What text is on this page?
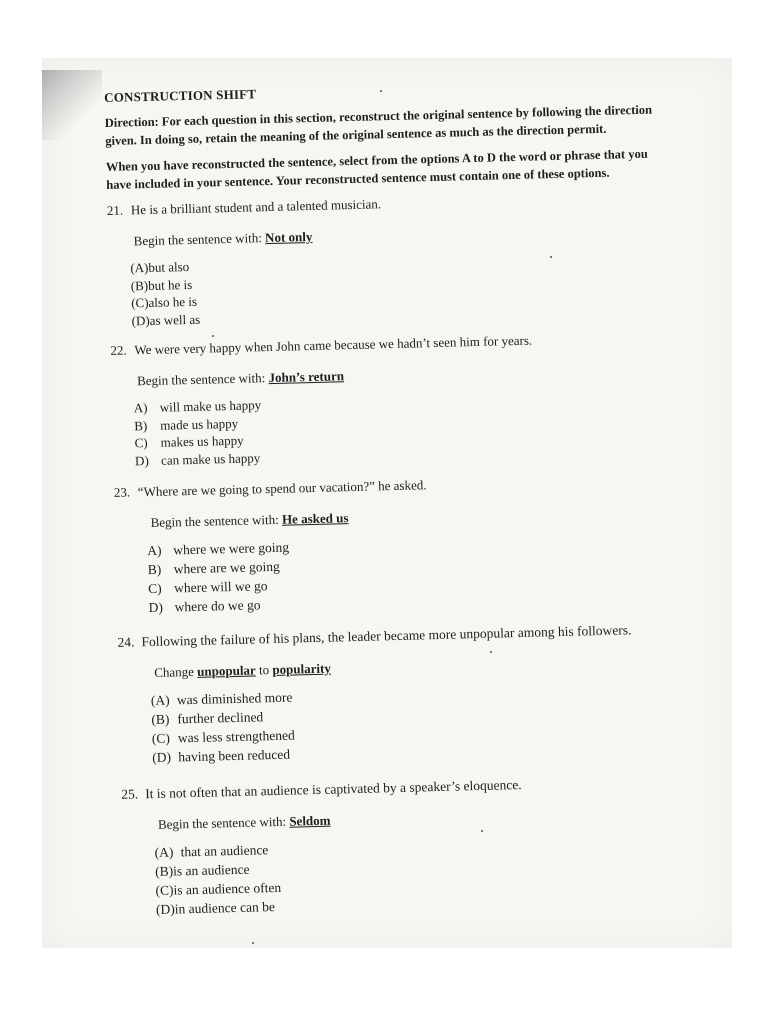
CONSTRUCTION SHIFT
Direction: For each question in this section, reconstruct the original sentence by following the direction given. In doing so, retain the meaning of the original sentence as much as the direction permit.
When you have reconstructed the sentence, select from the options A to D the word or phrase that you have included in your sentence. Your reconstructed sentence must contain one of these options.
21. He is a brilliant student and a talented musician.
Begin the sentence with: Not only
(A)but also
(B)but he is
(C)also he is
(D)as well as
22. We were very happy when John came because we hadn’t seen him for years.
Begin the sentence with: John’s return
A) will make us happy
B) made us happy
C) makes us happy
D) can make us happy
23. “Where are we going to spend our vacation?” he asked.
Begin the sentence with: He asked us
A) where we were going
B) where are we going
C) where will we go
D) where do we go
24. Following the failure of his plans, the leader became more unpopular among his followers.
Change unpopular to popularity
(A) was diminished more
(B) further declined
(C) was less strengthened
(D) having been reduced
25. It is not often that an audience is captivated by a speaker’s eloquence.
Begin the sentence with: Seldom
(A) that an audience
(B)is an audience
(C)is an audience often
(D)in audience can be
